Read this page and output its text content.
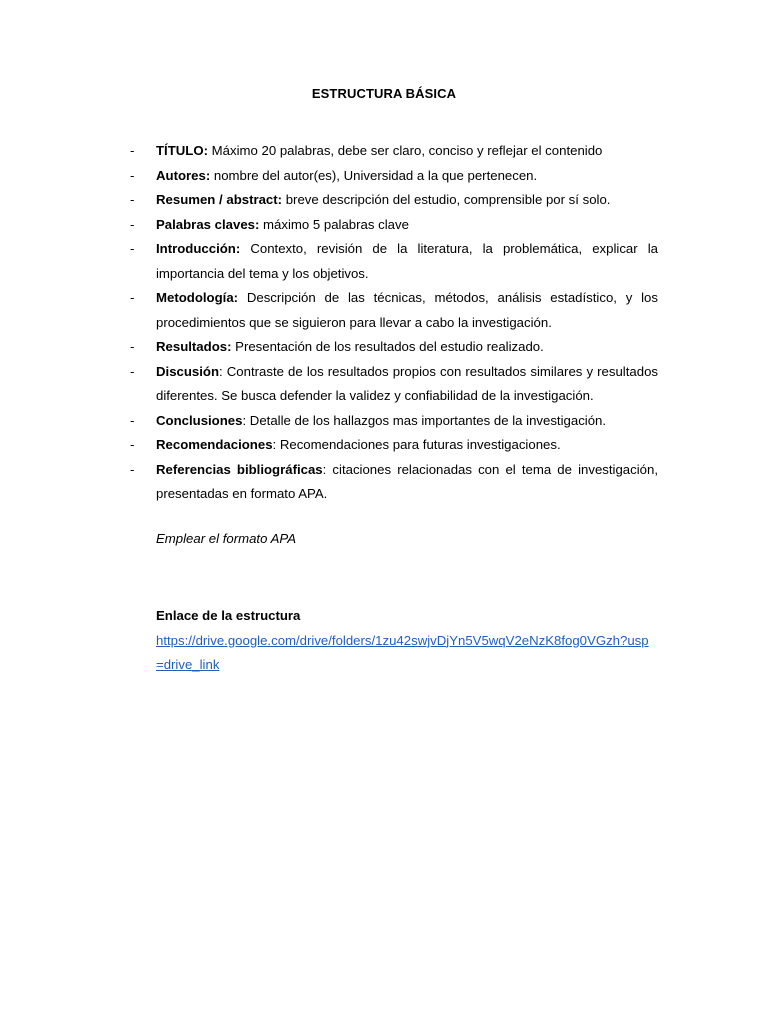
ESTRUCTURA BÁSICA
- TÍTULO: Máximo 20 palabras, debe ser claro, conciso y reflejar el contenido
- Autores: nombre del autor(es), Universidad a la que pertenecen.
- Resumen / abstract: breve descripción del estudio, comprensible por sí solo.
- Palabras claves: máximo 5 palabras clave
- Introducción: Contexto, revisión de la literatura, la problemática, explicar la importancia del tema y los objetivos.
- Metodología: Descripción de las técnicas, métodos, análisis estadístico, y los procedimientos que se siguieron para llevar a cabo la investigación.
- Resultados: Presentación de los resultados del estudio realizado.
- Discusión: Contraste de los resultados propios con resultados similares y resultados diferentes. Se busca defender la validez y confiabilidad de la investigación.
- Conclusiones: Detalle de los hallazgos mas importantes de la investigación.
- Recomendaciones: Recomendaciones para futuras investigaciones.
- Referencias bibliográficas: citaciones relacionadas con el tema de investigación, presentadas en formato APA.
Emplear el formato APA
Enlace de la estructura
https://drive.google.com/drive/folders/1zu42swjvDjYn5V5wqV2eNzK8fog0VGzh?usp=drive_link
